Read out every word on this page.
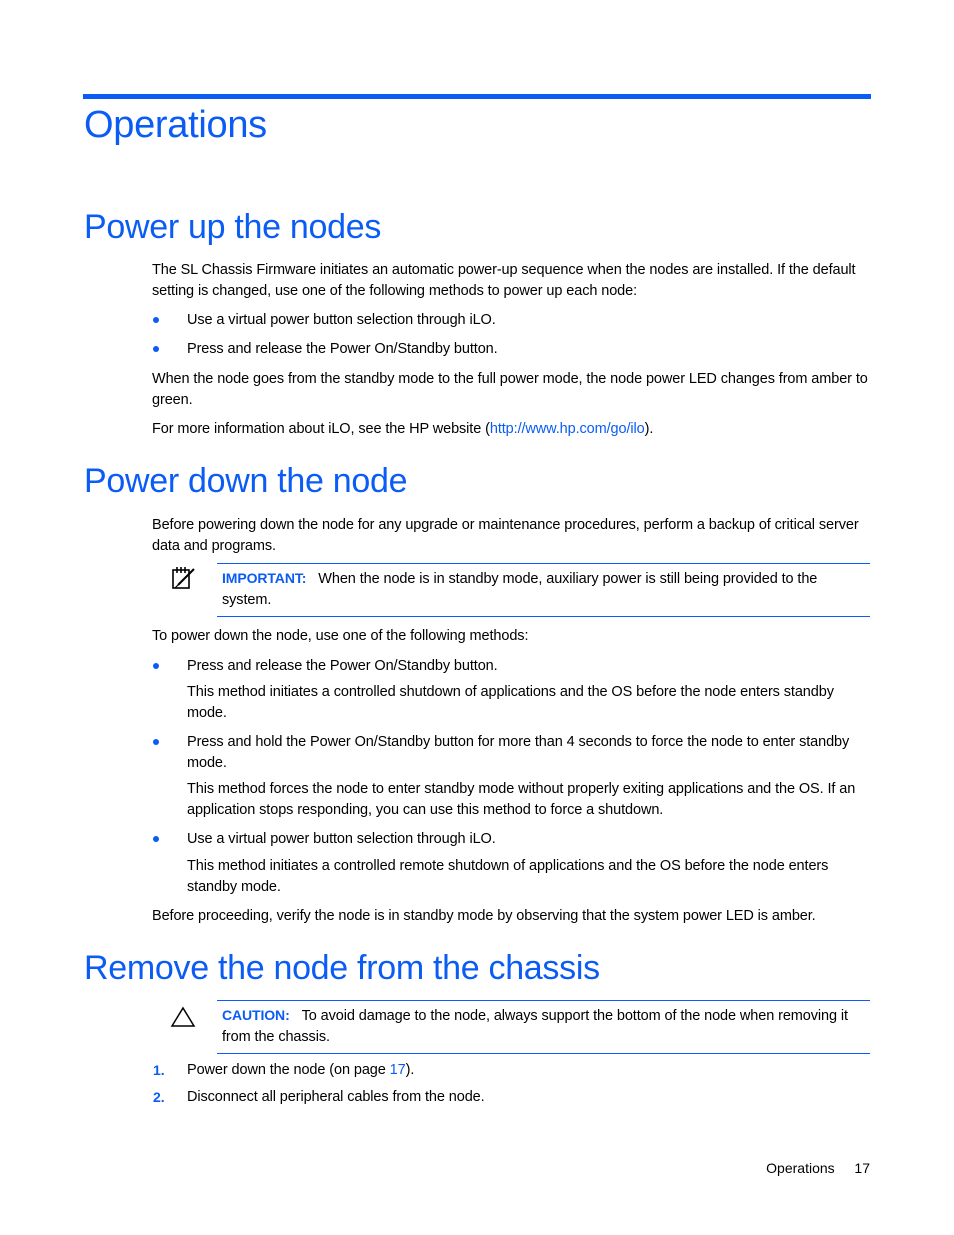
Operations
Power up the nodes

The SL Chassis Firmware initiates an automatic power-up sequence when the nodes are installed. If the default setting is changed, use one of the following methods to power up each node:

Use a virtual power button selection through iLO.

Press and release the Power On/Standby button.

When the node goes from the standby mode to the full power mode, the node power LED changes from amber to green.

For more information about iLO, see the HP website (http://www.hp.com/go/ilo).

Power down the node

Before powering down the node for any upgrade or maintenance procedures, perform a backup of critical server data and programs.

IMPORTANT: When the node is in standby mode, auxiliary power is still being provided to the system.

To power down the node, use one of the following methods:

Press and release the Power On/Standby button.

This method initiates a controlled shutdown of applications and the OS before the node enters standby mode.

Press and hold the Power On/Standby button for more than 4 seconds to force the node to enter standby mode.

This method forces the node to enter standby mode without properly exiting applications and the OS. If an application stops responding, you can use this method to force a shutdown.

Use a virtual power button selection through iLO.

This method initiates a controlled remote shutdown of applications and the OS before the node enters standby mode.

Before proceeding, verify the node is in standby mode by observing that the system power LED is amber.

Remove the node from the chassis

CAUTION: To avoid damage to the node, always support the bottom of the node when removing it from the chassis.

1. Power down the node (on page 17).

2. Disconnect all peripheral cables from the node.

Operations 17
